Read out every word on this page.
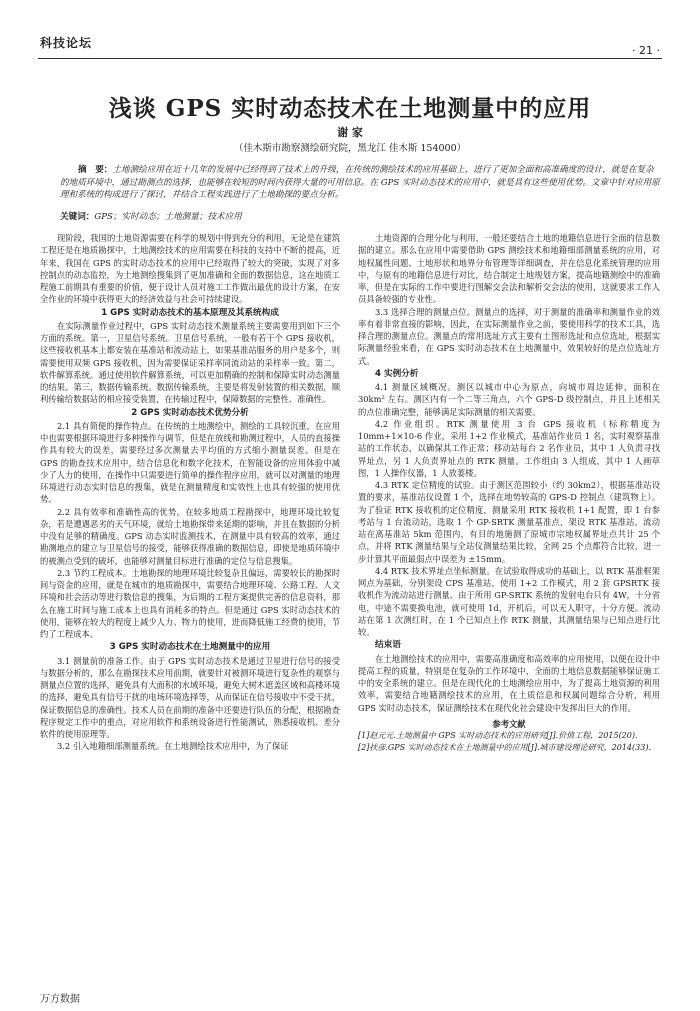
科技论坛
· 21 ·
浅谈 GPS 实时动态技术在土地测量中的应用
谢 家
（佳木斯市勘察测绘研究院，黑龙江 佳木斯 154000）
摘　要：土地测绘应用在近十几年的发展中已经得到了技术上的升级，在传统的测绘技术的应用基础上，进行了更加全面和高准确度的设计，就是在复杂的地质环境中，通过勘测点的选择，也能够在较短的时间内获得大量的可用信息。在 GPS 实时动态技术的应用中，就是具有这些使用优势。文章中针对应用原理和系统的构成进行了探讨，并结合工程实践进行了土地勘探的要点分析。
关键词：GPS；实时动态；土地测量；技术应用

现阶段，我国的土地资源需要在科学的规划中得到充分的利用，无论是在建筑工程还是在地质勘探中，土地测绘技术的应用需要在科技的支持中不断的提高，近年来，我国在 GPS 的实时动态技术的应用中已经取得了较大的突破，实现了对多控制点的动态监控，为土地测绘搜集到了更加准确和全面的数据信息，这在地质工程施工前期具有重要的价值，便于设计人员对施工工作做出最优的设计方案，在安全作业的环境中获得更大的经济效益与社会可持续建设。

1 GPS 实时动态技术的基本原理及其系统构成

在实际测量作业过程中，GPS 实时动态技术测量系统主要需要用到如下三个方面的系统。第一，卫星信号系统。卫星信号系统，一般有若干个 GPS 接收机，这些接收机基本上都安装在基准站和流动站上，如果基准站服务的用户是多个，则需要使用双频 GPS 接收机，因为需要保证采样率同流动站的采样率一致。第二，软件解算系统。通过使用软件解算系统，可以更加精确的控制和保障实时动态测量的结果。第三，数据传输系统。数据传输系统，主要是将发射装置的相关数据，顺利传输给数据站的相应接受装置，在传输过程中，保障数据的完整性、准确性。

2 GPS 实时动态技术优势分析

2.1 具有简便的操作特点。在传统的土地测绘中，测绘的工具较沉重，在应用中也需要根据环境进行多种操作与调节，但是在放线和勘测过程中，人员的直接操作具有较大的误差，需要经过多次测量去平均值的方式缩小测量误差。但是在 GPS 的勘查技术应用中，结合信息化和数字化技术，在智能设备的应用体验中减少了人力的使用，在操作中只需要进行简单的操作程序应用，就可以对测量的地理环境进行动态实时信息的搜集，就是在测量精度和实效性上也具有较强的使用优势。

2.2 具有效率和准确性高的优势。在较多地质工程勘探中，地理环境比较复杂，若是遭遇恶劣的天气环境，就给土地勘探带来延期的影响，并且在数据的分析中没有足够的精确度。GPS 动态实时监测技术，在测量中具有较高的效率，通过勘测地点的建立与卫星信号的接受，能够获得准确的数据信息，即使是地质环境中的被测点受到的破坏，也能够对测量目标进行准确的定位与信息搜集。

2.3 节约工程成本。土地勘探的地理环境比较复杂且偏远，需要较长的勘探时间与资金的应用，就是在城市的地质勘探中，需要结合地理环境、公路工程、人文环境和社会活动等进行数信息的搜集，为后期的工程方案提供完善的信息资料，那么在施工时间与施工成本上也具有消耗多的特点。但是通过 GPS 实时动态技术的使用，能够在较大的程度上减少人力、物力的使用，进而降低施工经费的使用，节约了工程成本。

3 GPS 实时动态技术在土地测量中的应用

3.1 测量前的准备工作。由于 GPS 实时动态技术是通过卫星进行信号的接受与数据分析的，那么在勘探技术应用前期，就要针对被测环境进行复杂性的观察与测量点位置的选择，避免具有大面积的水域环境，避免大树木遮盖区域和高楼环境的选择，避免具有信号干扰的电场环境选择等，从而保证在信号接收中不受干扰，保证数据信息的准确性。技术人员在前期的准备中还要进行队伍的分配，根据勘查程序规定工作中的重点，对应用软件和系统设备进行性能测试，熟悉接收机、差分软件的使用原理等。

3.2 引入地籍细部测量系统。在土地测绘技术应用中，为了保证

土地资源的合理分化与利用，一般还要结合土地的地籍信息进行全面的信息数据的建立。那么在应用中需要借助 GPS 测绘技术和地籍细部测量系统的应用，对地权属性问题、土地形状和地界分布管理等详细调查，并在信息化系统管理的应用中，与原有的地籍信息进行对比，结合制定土地规划方案，提高地籍测绘中的准确率，但是在实际的工作中要进行图解交会法和解析交会法的使用，这就要求工作人员具备较强的专业性。

3.3 选择合理的测量点位。测量点的选择，对于测量的准确率和测量作业的效率有着非常直接的影响，因此，在实际测量作业之前，要使用科学的技术工具，选择合理的测量点位。测量点的常用选址方式主要有土图形选址和点位选址，根据实际测量经验来看，在 GPS 实时动态技术在土地测量中，效果较好的是点位选址方式。

4 实例分析

4.1 测量区域概况。测区以城市中心为原点，向城市周边延伸，面积在 30km² 左右。测区内有一个二等三角点，六个 GPS-D 级控制点，并且上述相关的点位准确完整，能够满足实际测量的相关需要。

4.2 作业组织。RTK 测量使用 3 台 GPS 接收机（标称精度为 10mm+1×10-6 作业，采用 1+2 作业模式，基准站作业员 1 名，实时观察基准站的工作状态，以确保其工作正常；移动站每台 2 名作业员，其中 1 人负责寻找界址点，另 1 人负责界址点的 RTK 测量。工作组由 3 人组成，其中 1 人画草图，1 人操作仪器，1 人放萎楼。

4.3 RTK 定位精度的试验。由于测区范围较小（约 30km2），根据基准站设置的要求，基准站仪设置 1 个，选择在地势较高的 GPS-D 控制点（建筑物上）。为了验证 RTK 接收机的定位精度，测量采用 RTK 接收机 1+1 配置，即 1 台参考站与 1 台流动站，选取 1 个 GP-SRTK 测量基准点，架设 RTK 基准站，流动站在离基准站 5km 范围内，有目的地施测了原城市宗地权属界址点共计 25 个点，并将 RTK 测量结果与全站仪测量结果比较，全网 25 个点都符合比较，进一步计算其平面最弱点中误差为 ±15mm。

4.4 RTK 技术界址点坐标测量。在试验取得成功的基础上，以 RTK 基准框架网点为基础，分别架设 CPS 基准站，使用 1+2 工作模式，用 2 套 GPSRTK 接收机作为流动站进行测量。由于所用 GP-SRTK 系统的发射电台只有 4W，十分省电，中途不需要换电池，就可使用 1d，开机后，可以无人职守，十分方便。流动站在第 1 次测红时，在 1 个已知点上作 RTK 测量，其测量结果与已知点进行比较。

结束语

在土地测绘技术的应用中，需要高准确度和高效率的应用使用，以便在设计中提高工程的质量，特别是在复杂的工作环境中，全面的土地信息数据能够保证施工中的安全系统的建立。但是在现代化的土地测绘应用中，为了提高土地资源的利用效率，需要结合地籍测绘技术的应用，在土质信息和权属问题综合分析，利用 GPS 实时动态技术，保证测绘技术在现代化社会建设中发挥出巨大的作用。

参考文献

[1]赵元元.土地测量中 GPS 实时动态技术的应用研究[J].价值工程，2015(20).

[2]扶彦.GPS 实时动态技术在土地测量中的应用[J].城市建设理论研究，2014(33).

万方数据
